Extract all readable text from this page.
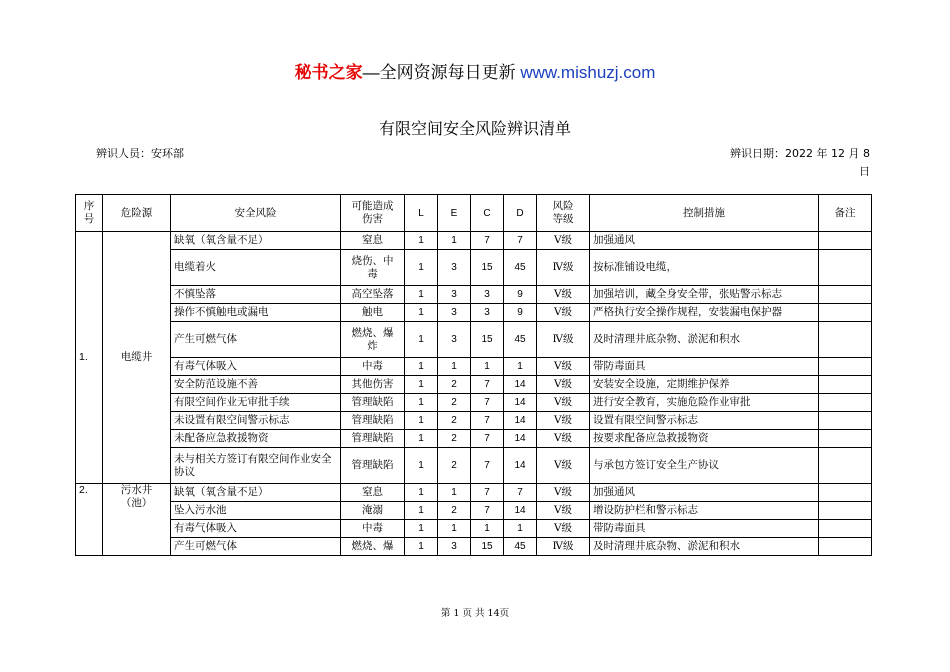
秘书之家—全网资源每日更新 www.mishuzj.com
有限空间安全风险辨识清单
辨识人员：安环部	辨识日期：2022 年 12 月 8
日
序号	危险源	安全风险	可能造成伤害	L	E	C	D	风险等级	控制措施	备注
1.	电缆井	缺氧（氧含量不足）	窒息	1	1	7	7	Ⅴ级	加强通风	
		电缆着火	烧伤、中毒	1	3	15	45	Ⅳ级	按标准铺设电缆，	
		不慎坠落	高空坠落	1	3	3	9	Ⅴ级	加强培训，藏全身安全带，张贴警示标志	
		操作不慎触电或漏电	触电	1	3	3	9	Ⅴ级	严格执行安全操作规程，安装漏电保护器	
		产生可燃气体	燃烧、爆炸	1	3	15	45	Ⅳ级	及时清理井底杂物、淤泥和积水	
		有毒气体吸入	中毒	1	1	1	1	Ⅴ级	带防毒面具	
		安全防范设施不善	其他伤害	1	2	7	14	Ⅴ级	安装安全设施，定期维护保养	
		有限空间作业无审批手续	管理缺陷	1	2	7	14	Ⅴ级	进行安全教育，实施危险作业审批	
		未设置有限空间警示标志	管理缺陷	1	2	7	14	Ⅴ级	设置有限空间警示标志	
		未配备应急救援物资	管理缺陷	1	2	7	14	Ⅴ级	按要求配备应急救援物资	
		未与相关方签订有限空间作业安全协议	管理缺陷	1	2	7	14	Ⅴ级	与承包方签订安全生产协议	
2.	污水井（池）	缺氧（氧含量不足）	窒息	1	1	7	7	Ⅴ级	加强通风	
		坠入污水池	淹溺	1	2	7	14	Ⅴ级	增设防护栏和警示标志	
		有毒气体吸入	中毒	1	1	1	1	Ⅴ级	带防毒面具	
		产生可燃气体	燃烧、爆	1	3	15	45	Ⅳ级	及时清理井底杂物、淤泥和积水	
第 1 页 共 14页
